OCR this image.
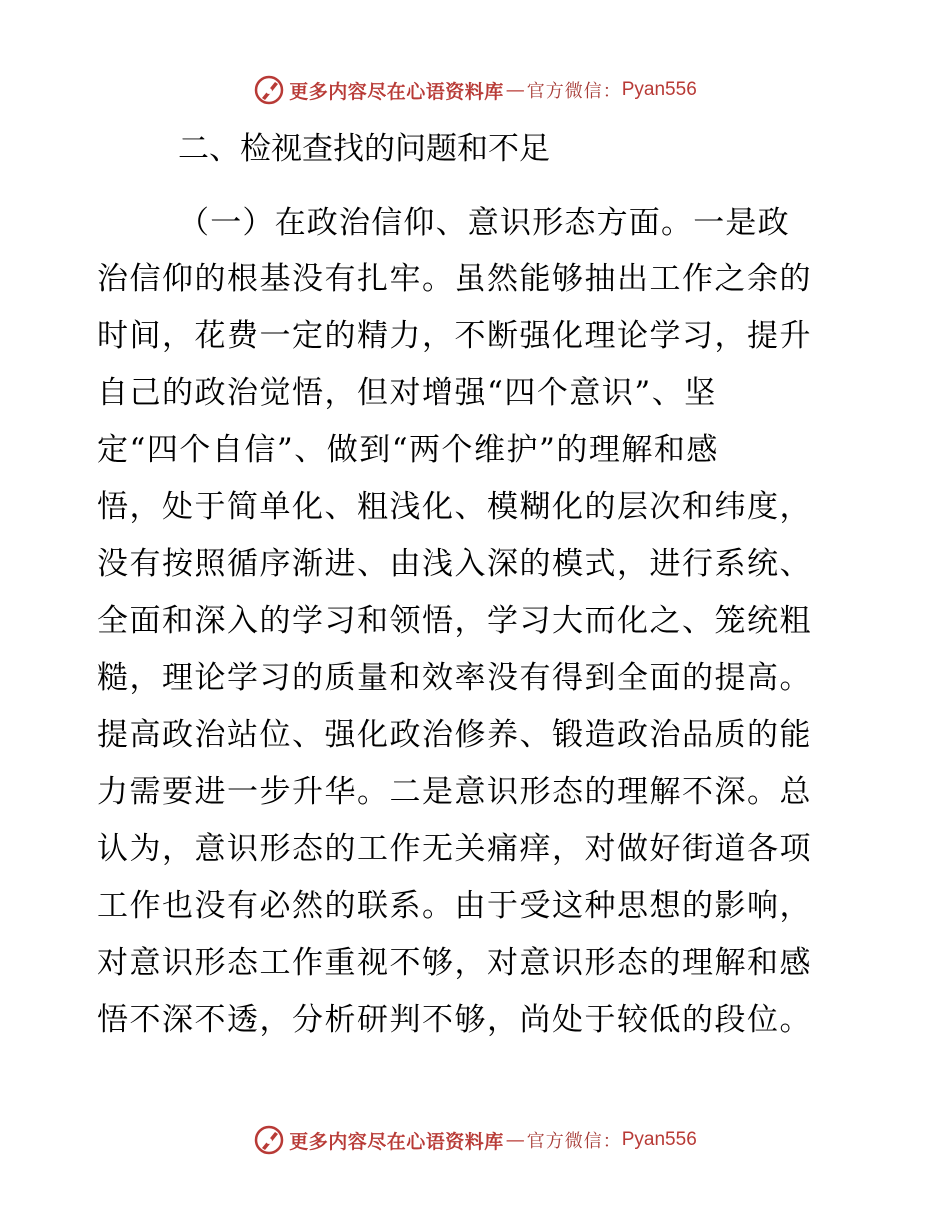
更多内容尽在心语资料库 — 官方微信： Pyan556
二、检视查找的问题和不足
（一）在政治信仰、意识形态方面。一是政
治信仰的根基没有扎牢。虽然能够抽出工作之余的
时间，花费一定的精力，不断强化理论学习，提升
自己的政治觉悟，但对增强“四个意识”、坚
定“四个自信”、做到“两个维护”的理解和感
悟，处于简单化、粗浅化、模糊化的层次和纬度，
没有按照循序渐进、由浅入深的模式，进行系统、
全面和深入的学习和领悟，学习大而化之、笼统粗
糙，理论学习的质量和效率没有得到全面的提高。
提高政治站位、强化政治修养、锻造政治品质的能
力需要进一步升华。二是意识形态的理解不深。总
认为，意识形态的工作无关痛痒，对做好街道各项
工作也没有必然的联系。由于受这种思想的影响，
对意识形态工作重视不够，对意识形态的理解和感
悟不深不透，分析研判不够，尚处于较低的段位。
更多内容尽在心语资料库 — 官方微信： Pyan556
